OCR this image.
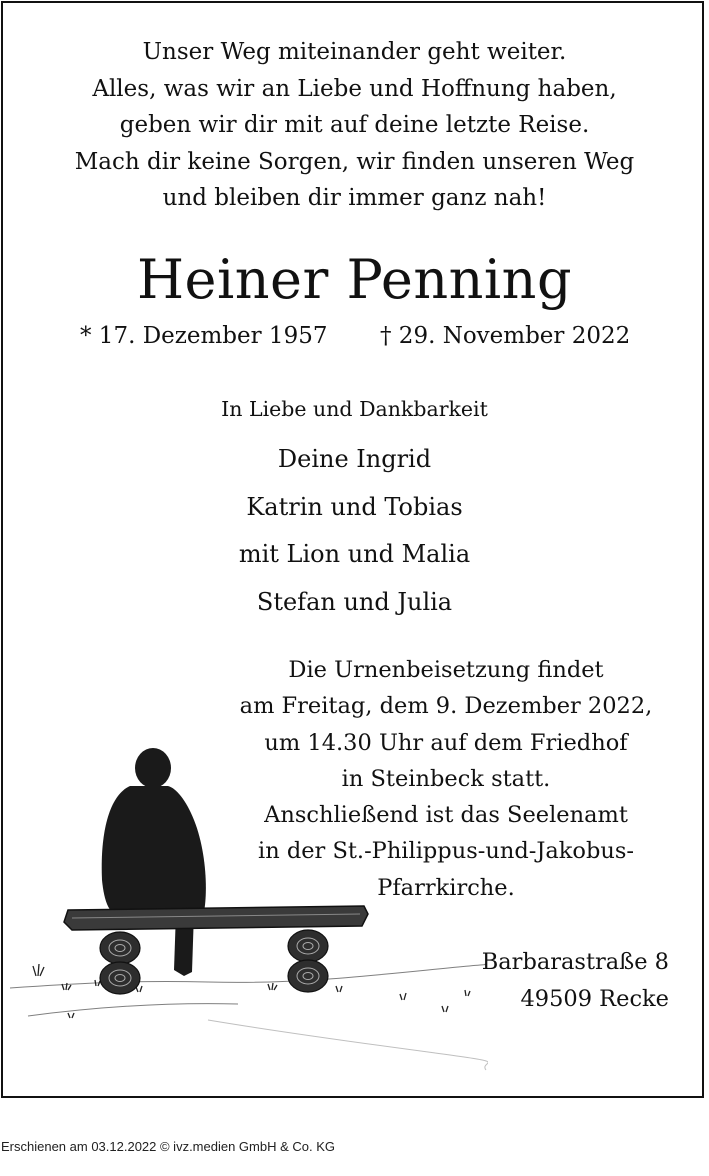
Unser Weg miteinander geht weiter.
Alles, was wir an Liebe und Hoffnung haben,
geben wir dir mit auf deine letzte Reise.
Mach dir keine Sorgen, wir finden unseren Weg
und bleiben dir immer ganz nah!
Heiner Penning
* 17. Dezember 1957 † 29. November 2022
In Liebe und Dankbarkeit
Deine Ingrid
Katrin und Tobias
mit Lion und Malia
Stefan und Julia
Die Urnenbeisetzung findet
am Freitag, dem 9. Dezember 2022,
um 14.30 Uhr auf dem Friedhof
in Steinbeck statt.
Anschließend ist das Seelenamt
in der St.-Philippus-und-Jakobus-
Pfarrkirche.
Barbarastraße 8
49509 Recke
Erschienen am 03.12.2022 © ivz.medien GmbH & Co. KG
